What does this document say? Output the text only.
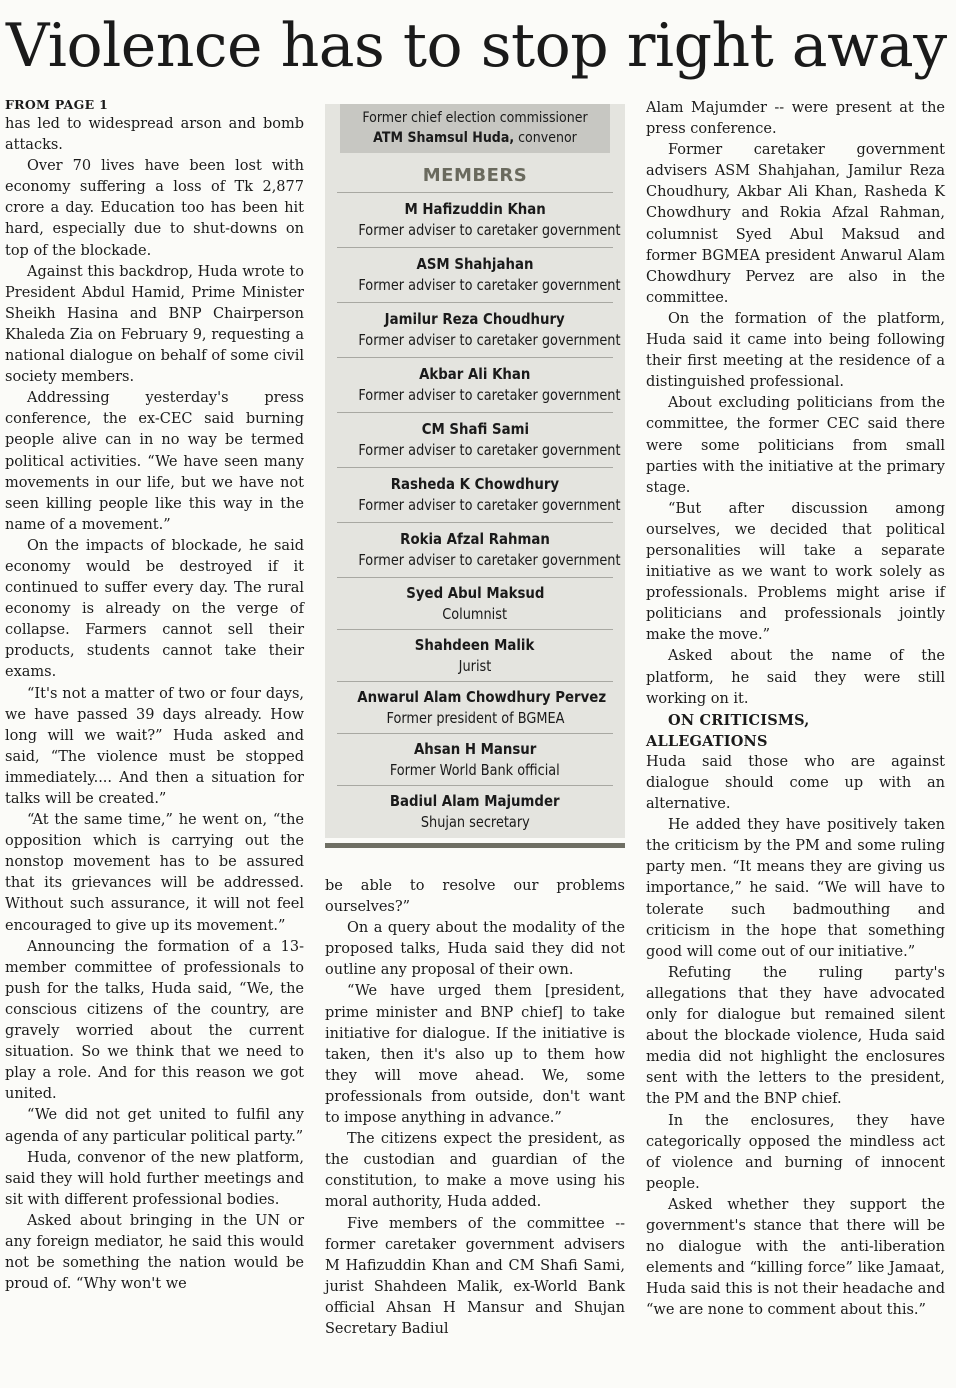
Violence has to stop right away

FROM PAGE 1

has led to widespread arson and bomb attacks.

Over 70 lives have been lost with economy suffering a loss of Tk 2,877 crore a day. Education too has been hit hard, especially due to shut-downs on top of the blockade.

Against this backdrop, Huda wrote to President Abdul Hamid, Prime Minister Sheikh Hasina and BNP Chairperson Khaleda Zia on February 9, requesting a national dialogue on behalf of some civil society members.

Addressing yesterday's press conference, the ex-CEC said burning people alive can in no way be termed political activities. “We have seen many movements in our life, but we have not seen killing people like this way in the name of a movement.”

On the impacts of blockade, he said economy would be destroyed if it continued to suffer every day. The rural economy is already on the verge of collapse. Farmers cannot sell their products, students cannot take their exams.

“It's not a matter of two or four days, we have passed 39 days already. How long will we wait?” Huda asked and said, “The violence must be stopped immediately.... And then a situation for talks will be created.”

“At the same time,” he went on, “the opposition which is carrying out the nonstop movement has to be assured that its grievances will be addressed. Without such assurance, it will not feel encouraged to give up its movement.”

Announcing the formation of a 13-member committee of professionals to push for the talks, Huda said, “We, the conscious citizens of the country, are gravely worried about the current situation. So we think that we need to play a role. And for this reason we got united.

“We did not get united to fulfil any agenda of any particular political party.”

Huda, convenor of the new platform, said they will hold further meetings and sit with different professional bodies.

Asked about bringing in the UN or any foreign mediator, he said this would not be something the nation would be proud of. “Why won't we

Former chief election commissioner
ATM Shamsul Huda, convenor
MEMBERS
M Hafizuddin Khan
Former adviser to caretaker government
ASM Shahjahan
Former adviser to caretaker government
Jamilur Reza Choudhury
Former adviser to caretaker government
Akbar Ali Khan
Former adviser to caretaker government
CM Shafi Sami
Former adviser to caretaker government
Rasheda K Chowdhury
Former adviser to caretaker government
Rokia Afzal Rahman
Former adviser to caretaker government
Syed Abul Maksud
Columnist
Shahdeen Malik
Jurist
Anwarul Alam Chowdhury Pervez
Former president of BGMEA
Ahsan H Mansur
Former World Bank official
Badiul Alam Majumder
Shujan secretary

be able to resolve our problems ourselves?”

On a query about the modality of the proposed talks, Huda said they did not outline any proposal of their own.

“We have urged them [president, prime minister and BNP chief] to take initiative for dialogue. If the initiative is taken, then it's also up to them how they will move ahead. We, some professionals from outside, don't want to impose anything in advance.”

The citizens expect the president, as the custodian and guardian of the constitution, to make a move using his moral authority, Huda added.

Five members of the committee -- former caretaker government advisers M Hafizuddin Khan and CM Shafi Sami, jurist Shahdeen Malik, ex-World Bank official Ahsan H Mansur and Shujan Secretary Badiul

Alam Majumder -- were present at the press conference.

Former caretaker government advisers ASM Shahjahan, Jamilur Reza Choudhury, Akbar Ali Khan, Rasheda K Chowdhury and Rokia Afzal Rahman, columnist Syed Abul Maksud and former BGMEA president Anwarul Alam Chowdhury Pervez are also in the committee.

On the formation of the platform, Huda said it came into being following their first meeting at the residence of a distinguished professional.

About excluding politicians from the committee, the former CEC said there were some politicians from small parties with the initiative at the primary stage.

“But after discussion among ourselves, we decided that political personalities will take a separate initiative as we want to work solely as professionals. Problems might arise if politicians and professionals jointly make the move.”

Asked about the name of the platform, he said they were still working on it.

ON CRITICISMS,
ALLEGATIONS

Huda said those who are against dialogue should come up with an alternative.

He added they have positively taken the criticism by the PM and some ruling party men. “It means they are giving us importance,” he said. “We will have to tolerate such badmouthing and criticism in the hope that something good will come out of our initiative.”

Refuting the ruling party's allegations that they have advocated only for dialogue but remained silent about the blockade violence, Huda said media did not highlight the enclosures sent with the letters to the president, the PM and the BNP chief.

In the enclosures, they have categorically opposed the mindless act of violence and burning of innocent people.

Asked whether they support the government's stance that there will be no dialogue with the anti-liberation elements and “killing force” like Jamaat, Huda said this is not their headache and “we are none to comment about this.”
